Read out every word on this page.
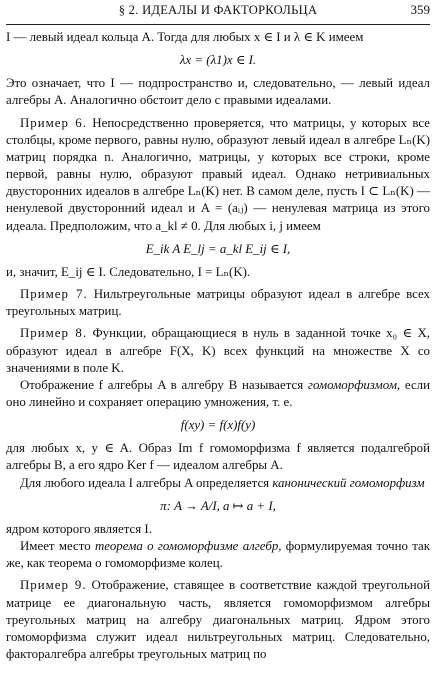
§ 2. ИДЕАЛЫ И ФАКТОРКОЛЬЦА	359

I — левый идеал кольца A. Тогда для любых x ∈ I и λ ∈ K имеем

λx = (λ1)x ∈ I.

Это означает, что I — подпространство и, следовательно, — левый идеал алгебры A. Аналогично обстоит дело с правыми идеалами.

Пример 6. Непосредственно проверяется, что матрицы, у которых все столбцы, кроме первого, равны нулю, образуют левый идеал в алгебре Lₙ(K) матриц порядка n. Аналогично, матрицы, у которых все строки, кроме первой, равны нулю, образуют правый идеал. Однако нетривиальных двусторонних идеалов в алгебре Lₙ(K) нет. В самом деле, пусть I ⊂ Lₙ(K) — ненулевой двусторонний идеал и A = (aᵢⱼ) — ненулевая матрица из этого идеала. Предположим, что a_kl ≠ 0. Для любых i, j имеем

E_ik A E_lj = a_kl E_ij ∈ I,

и, значит, E_ij ∈ I. Следовательно, I = Lₙ(K).

Пример 7. Нильтреугольные матрицы образуют идеал в алгебре всех треугольных матриц.

Пример 8. Функции, обращающиеся в нуль в заданной точке x₀ ∈ X, образуют идеал в алгебре F(X, K) всех функций на множестве X со значениями в поле K.

Отображение f алгебры A в алгебру B называется гомоморфизмом, если оно линейно и сохраняет операцию умножения, т. е.

f(xy) = f(x)f(y)

для любых x, y ∈ A. Образ Im f гомоморфизма f является подалгеброй алгебры B, а его ядро Ker f — идеалом алгебры A.

Для любого идеала I алгебры A определяется канонический гомоморфизм

π: A → A/I, a ↦ a + I,

ядром которого является I.

Имеет место теорема о гомоморфизме алгебр, формулируемая точно так же, как теорема о гомоморфизме колец.

Пример 9. Отображение, ставящее в соответствие каждой треугольной матрице ее диагональную часть, является гомоморфизмом алгебры треугольных матриц на алгебру диагональных матриц. Ядром этого гомоморфизма служит идеал нильтреугольных матриц. Следовательно, факторалгебра алгебры треугольных матриц по
